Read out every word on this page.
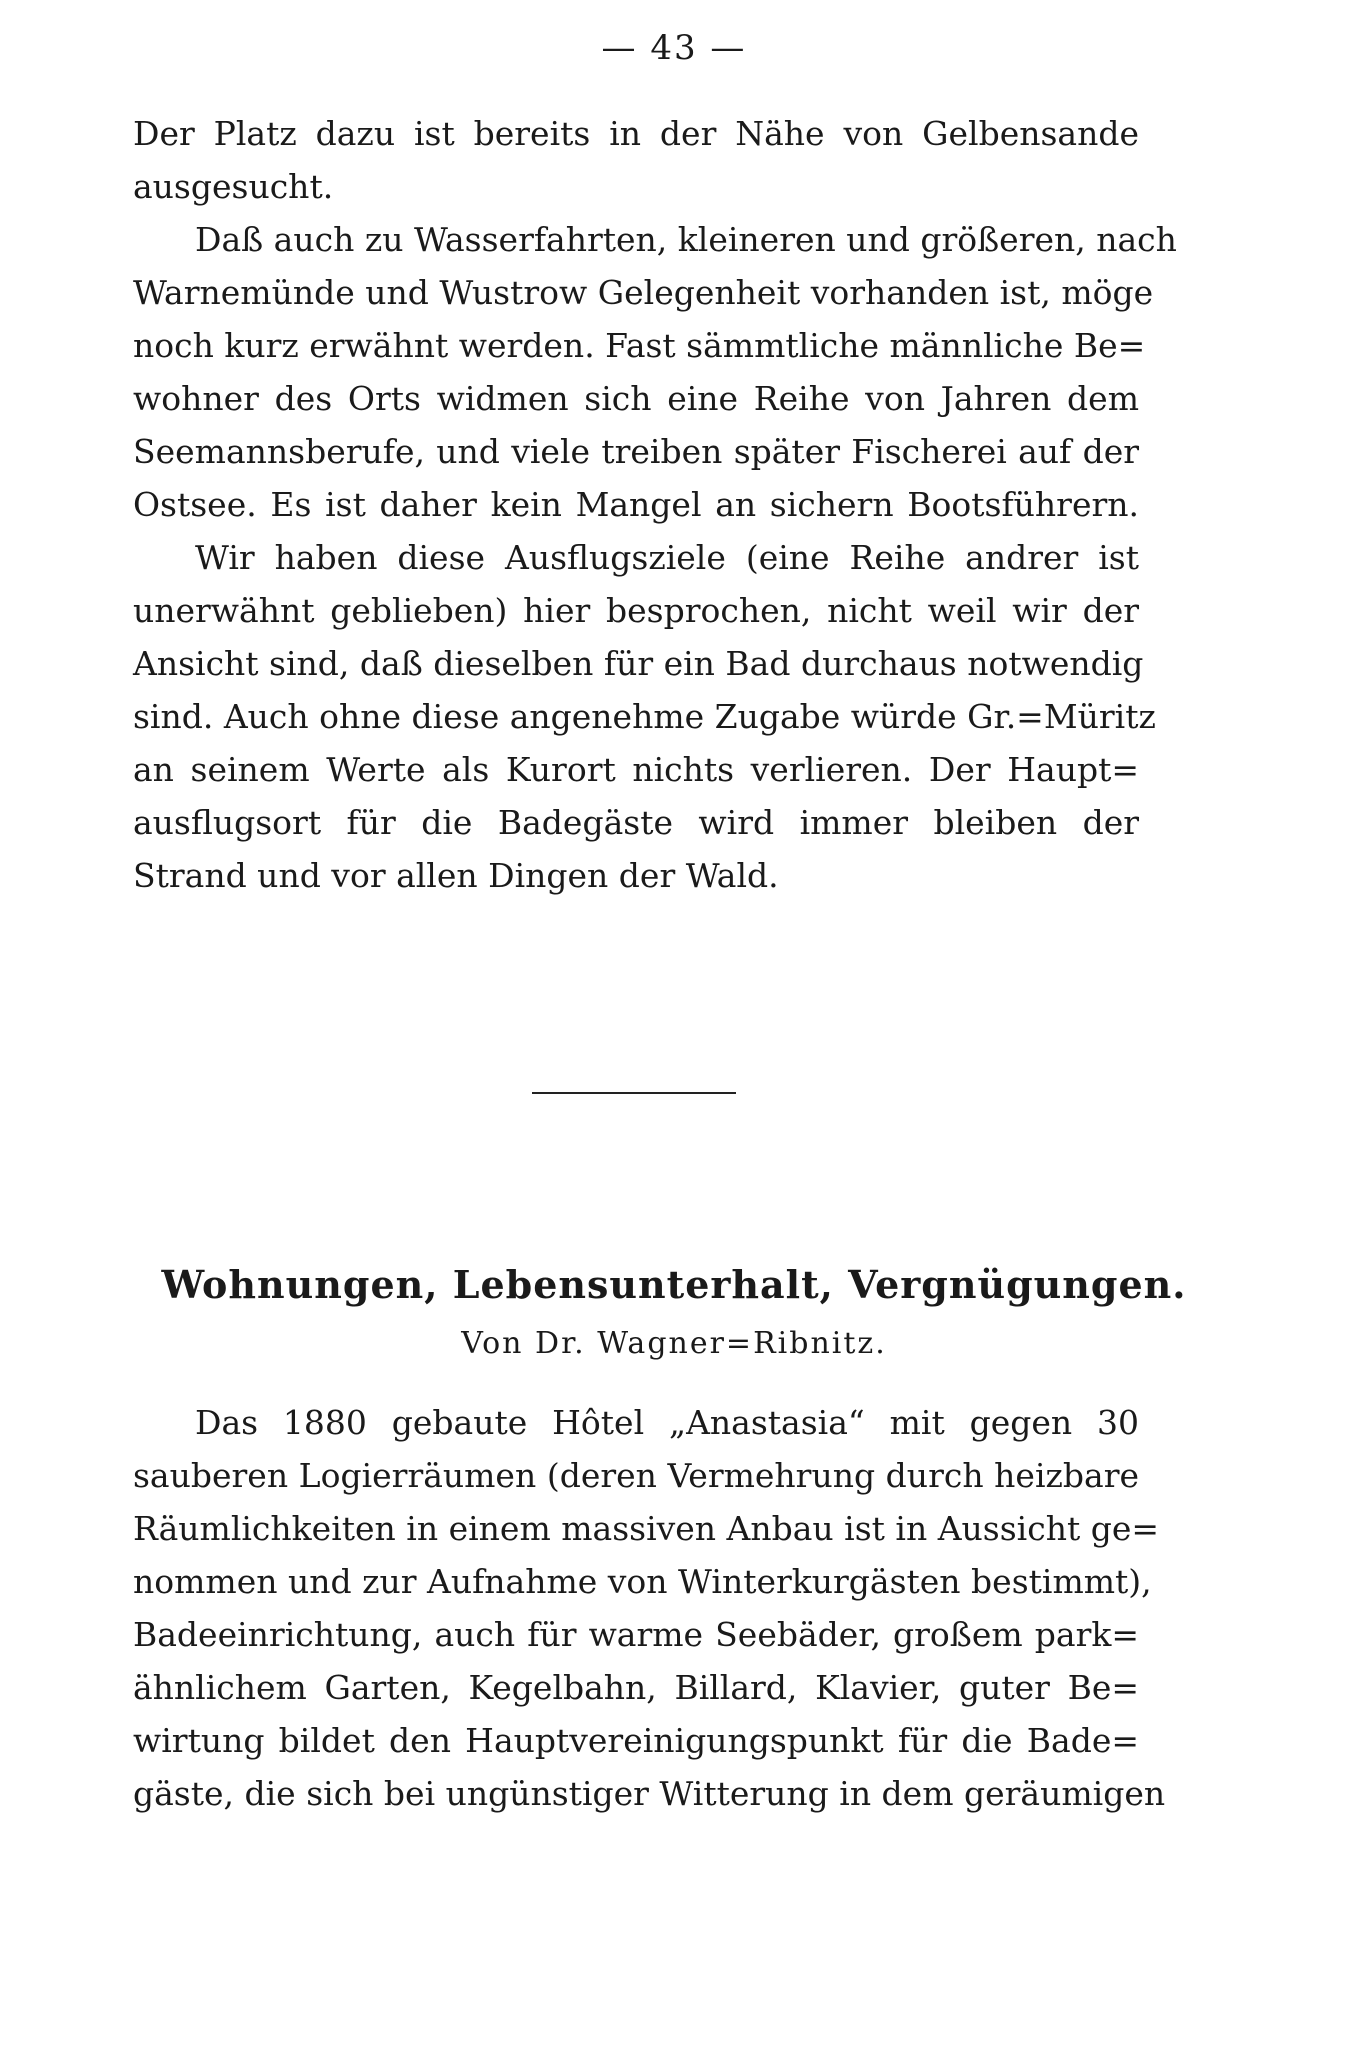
— 43 —
Der Platz dazu ist bereits in der Nähe von Gelbensande
ausgesucht.
Daß auch zu Wasserfahrten, kleineren und größeren, nach
Warnemünde und Wustrow Gelegenheit vorhanden ist, möge
noch kurz erwähnt werden. Fast sämmtliche männliche Be=
wohner des Orts widmen sich eine Reihe von Jahren dem
Seemannsberufe, und viele treiben später Fischerei auf der
Ostsee. Es ist daher kein Mangel an sichern Bootsführern.
Wir haben diese Ausflugsziele (eine Reihe andrer ist
unerwähnt geblieben) hier besprochen, nicht weil wir der
Ansicht sind, daß dieselben für ein Bad durchaus notwendig
sind. Auch ohne diese angenehme Zugabe würde Gr.=Müritz
an seinem Werte als Kurort nichts verlieren. Der Haupt=
ausflugsort für die Badegäste wird immer bleiben der
Strand und vor allen Dingen der Wald.
Wohnungen, Lebensunterhalt, Vergnügungen.
Von Dr. Wagner=Ribnitz.
Das 1880 gebaute Hôtel „Anastasia“ mit gegen 30
sauberen Logierräumen (deren Vermehrung durch heizbare
Räumlichkeiten in einem massiven Anbau ist in Aussicht ge=
nommen und zur Aufnahme von Winterkurgästen bestimmt),
Badeeinrichtung, auch für warme Seebäder, großem park=
ähnlichem Garten, Kegelbahn, Billard, Klavier, guter Be=
wirtung bildet den Hauptvereinigungspunkt für die Bade=
gäste, die sich bei ungünstiger Witterung in dem geräumigen
